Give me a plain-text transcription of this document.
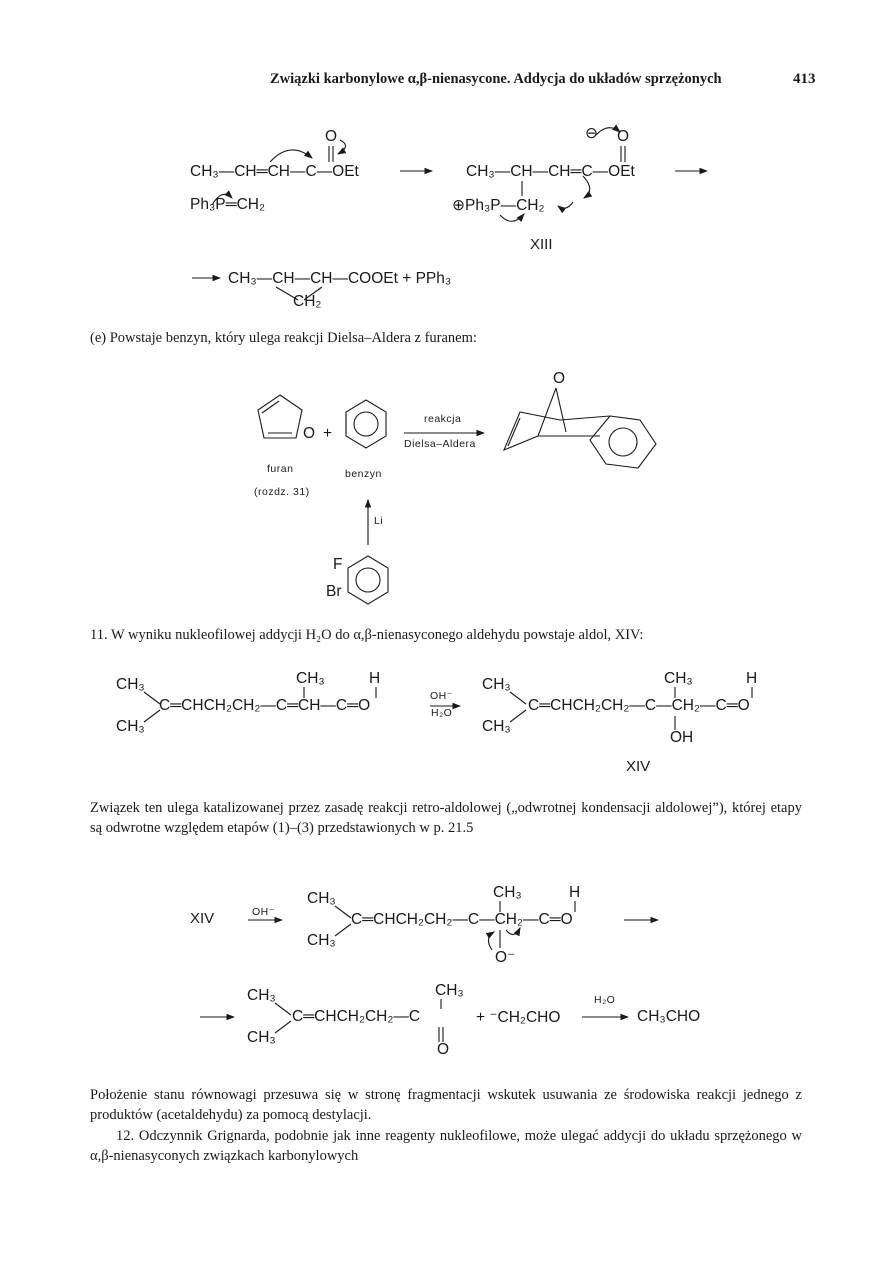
Związki karbonylowe α,β-nienasycone. Addycja do układów sprzężonych	413
O
CH₃—CH═CH—C—OEt
Ph₃P═CH₂
⊖ O
CH₃—CH—CH═C—OEt
⊕Ph₃P—CH₂
XIII
CH₃—CH—CH—COOEt + PPh₃
CH₂
(e) Powstaje benzyn, który ulega reakcji Dielsa–Aldera z furanem:
O +
furan
(rozdz. 31)
benzyn
reakcja
Dielsa–Aldera
O
Li
F
Br
11. W wyniku nukleofilowej addycji H₂O do α,β-nienasyconego aldehydu powstaje aldol, XIV:
CH₃
CH₃
C═CHCH₂CH₂—C═CH—C═O
CH₃	H
OH⁻
H₂O
CH₃
CH₃
C═CHCH₂CH₂—C—CH₂—C═O
CH₃	H
OH
XIV
Związek ten ulega katalizowanej przez zasadę reakcji retro-aldolowej („odwrotnej kondensacji aldolowej”), której etapy są odwrotne względem etapów (1)–(3) przedstawionych w p. 21.5
XIV	OH⁻
CH₃
CH₃
C═CHCH₂CH₂—C—CH₂—C═O
CH₃	H
O⁻
CH₃
CH₃
C═CHCH₂CH₂—C
CH₃
O
+ ⁻CH₂CHO
H₂O
CH₃CHO
Położenie stanu równowagi przesuwa się w stronę fragmentacji wskutek usuwania ze środowiska reakcji jednego z produktów (acetaldehydu) za pomocą destylacji.
12. Odczynnik Grignarda, podobnie jak inne reagenty nukleofilowe, może ulegać addycji do układu sprzężonego w α,β-nienasyconych związkach karbonylowych
